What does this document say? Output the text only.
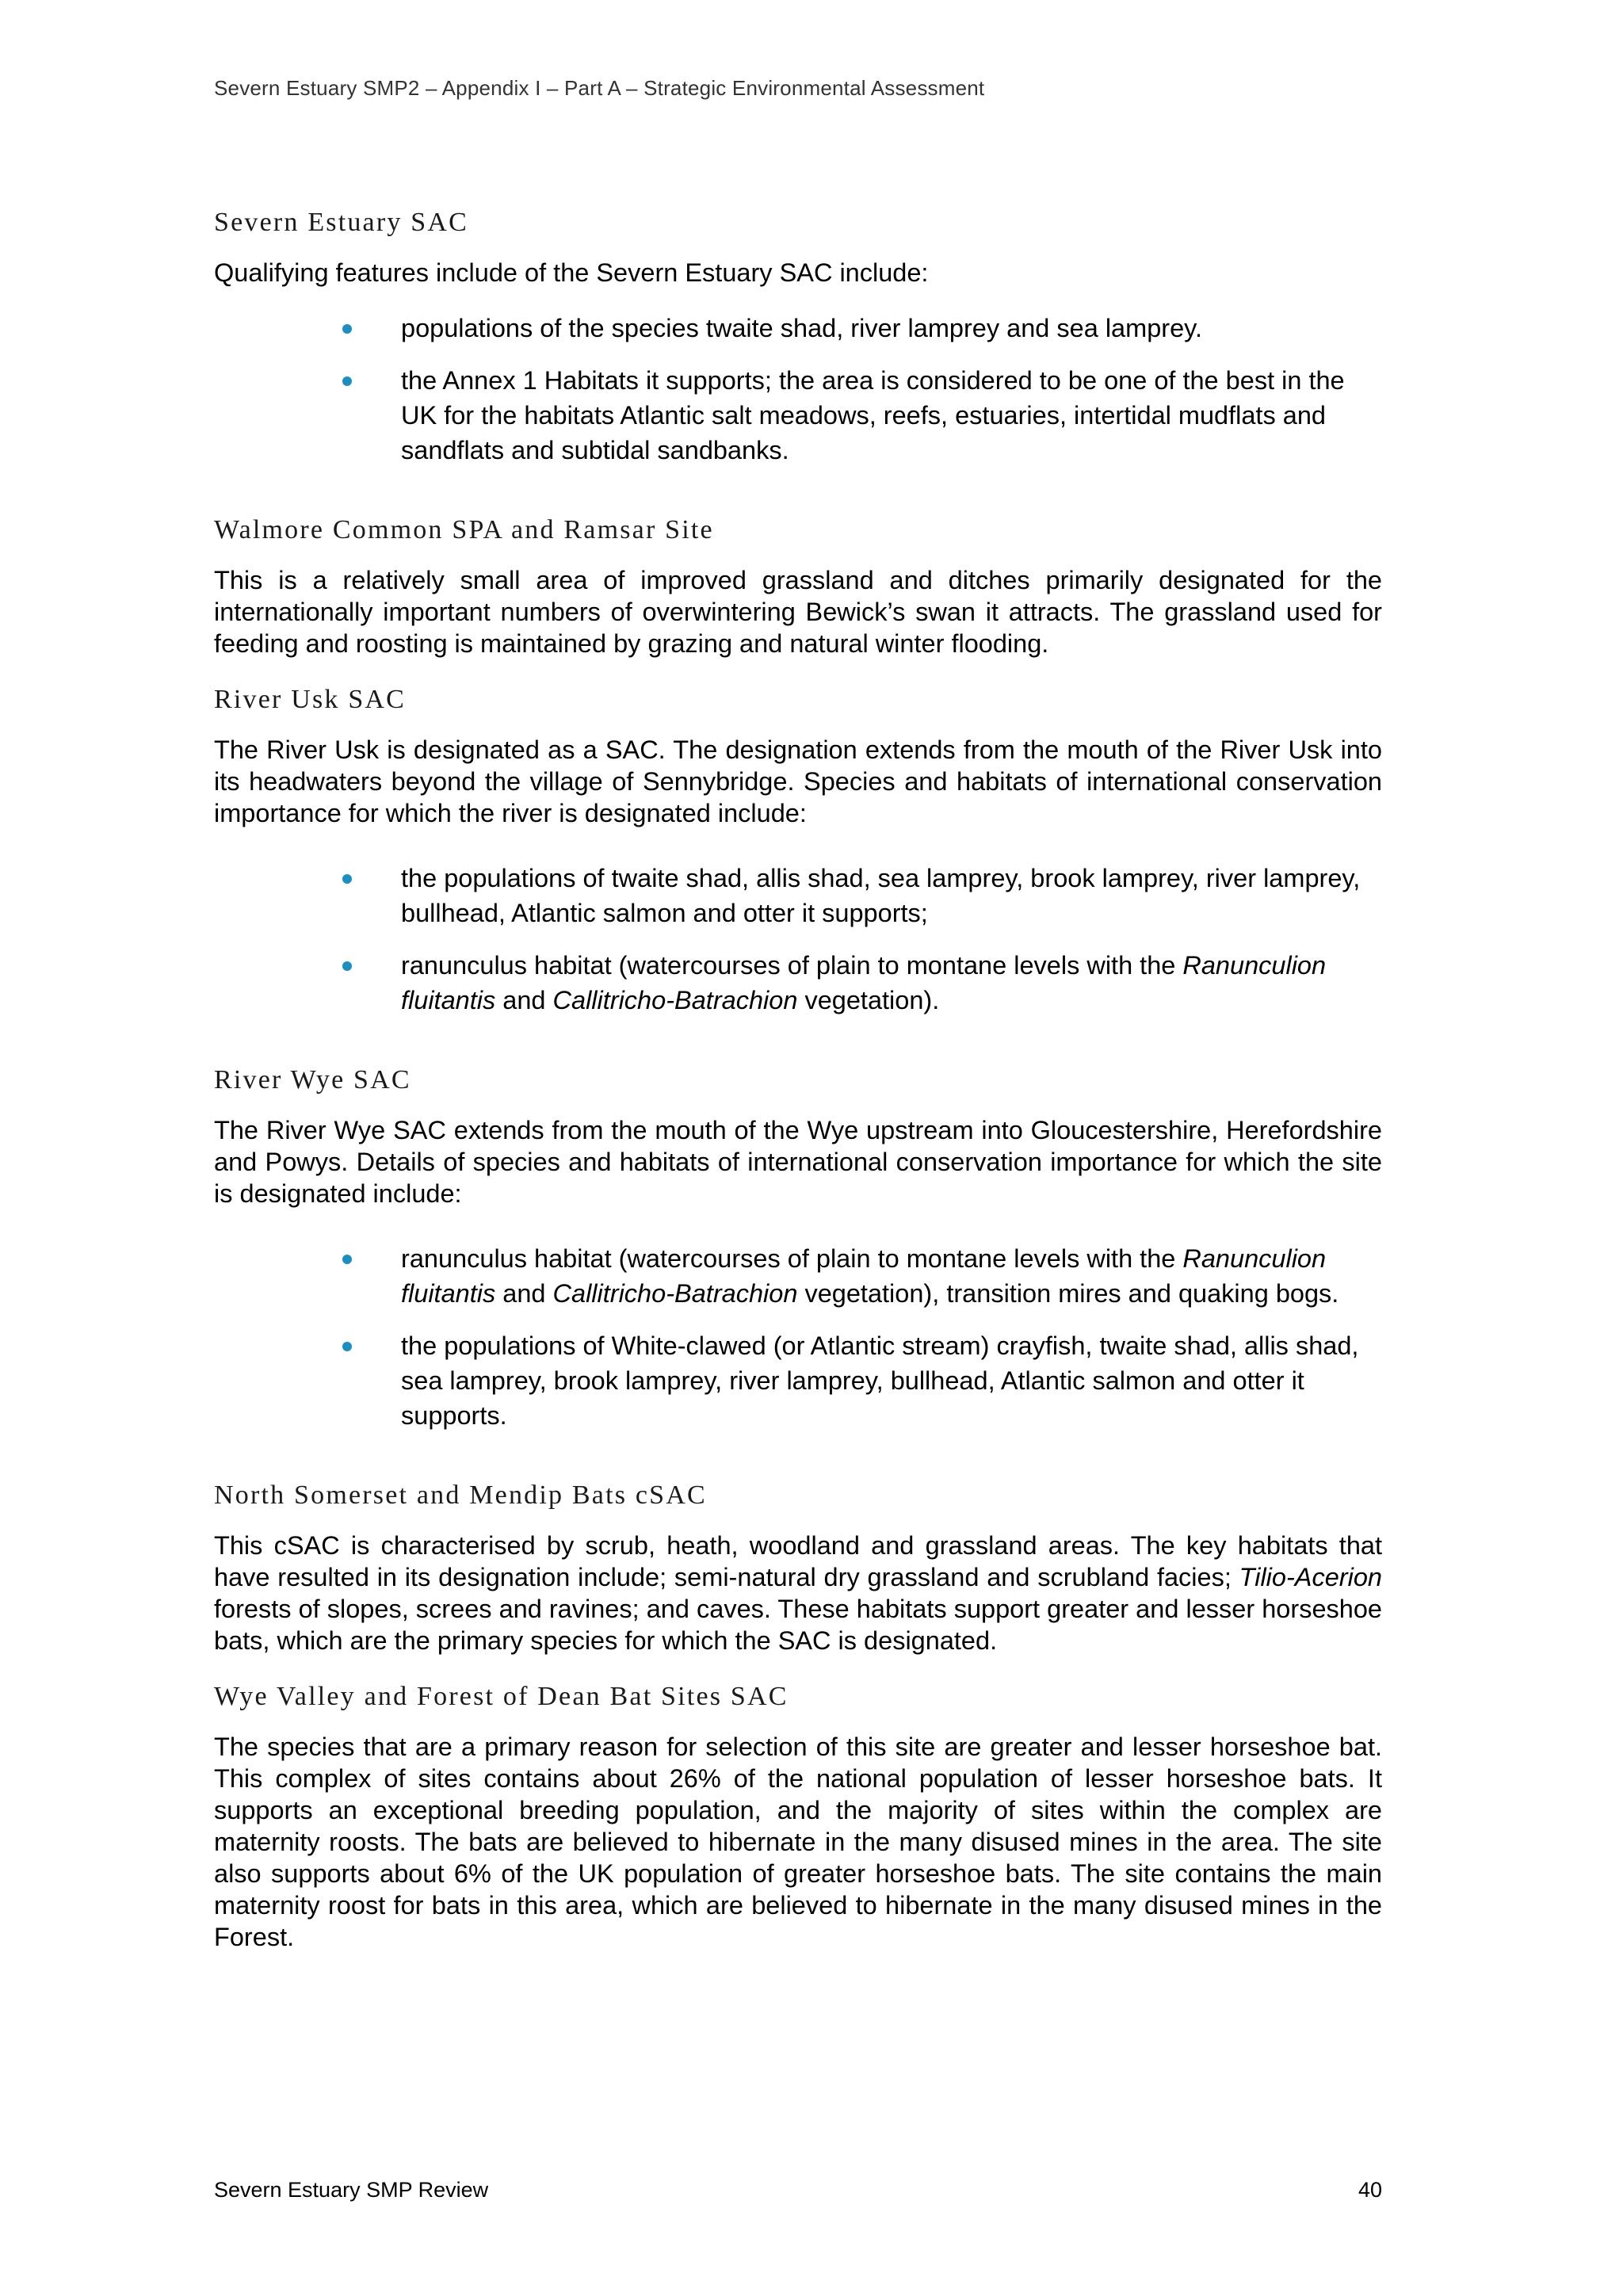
Severn Estuary SMP2 – Appendix I – Part A – Strategic Environmental Assessment
Severn Estuary SAC

Qualifying features include of the Severn Estuary SAC include:

populations of the species twaite shad, river lamprey and sea lamprey.
the Annex 1 Habitats it supports; the area is considered to be one of the best in the UK for the habitats Atlantic salt meadows, reefs, estuaries, intertidal mudflats and sandflats and subtidal sandbanks.
Walmore Common SPA and Ramsar Site

This is a relatively small area of improved grassland and ditches primarily designated for the internationally important numbers of overwintering Bewick’s swan it attracts. The grassland used for feeding and roosting is maintained by grazing and natural winter flooding.

River Usk SAC

The River Usk is designated as a SAC. The designation extends from the mouth of the River Usk into its headwaters beyond the village of Sennybridge. Species and habitats of international conservation importance for which the river is designated include:

the populations of twaite shad, allis shad, sea lamprey, brook lamprey, river lamprey, bullhead, Atlantic salmon and otter it supports;
ranunculus habitat (watercourses of plain to montane levels with the Ranunculion fluitantis and Callitricho-Batrachion vegetation).
River Wye SAC

The River Wye SAC extends from the mouth of the Wye upstream into Gloucestershire, Herefordshire and Powys. Details of species and habitats of international conservation importance for which the site is designated include:

ranunculus habitat (watercourses of plain to montane levels with the Ranunculion fluitantis and Callitricho-Batrachion vegetation), transition mires and quaking bogs.
the populations of White-clawed (or Atlantic stream) crayfish, twaite shad, allis shad, sea lamprey, brook lamprey, river lamprey, bullhead, Atlantic salmon and otter it supports.
North Somerset and Mendip Bats cSAC

This cSAC is characterised by scrub, heath, woodland and grassland areas. The key habitats that have resulted in its designation include; semi-natural dry grassland and scrubland facies; Tilio-Acerion forests of slopes, screes and ravines; and caves. These habitats support greater and lesser horseshoe bats, which are the primary species for which the SAC is designated.

Wye Valley and Forest of Dean Bat Sites SAC

The species that are a primary reason for selection of this site are greater and lesser horseshoe bat. This complex of sites contains about 26% of the national population of lesser horseshoe bats. It supports an exceptional breeding population, and the majority of sites within the complex are maternity roosts. The bats are believed to hibernate in the many disused mines in the area. The site also supports about 6% of the UK population of greater horseshoe bats. The site contains the main maternity roost for bats in this area, which are believed to hibernate in the many disused mines in the Forest.

Severn Estuary SMP Review	40
